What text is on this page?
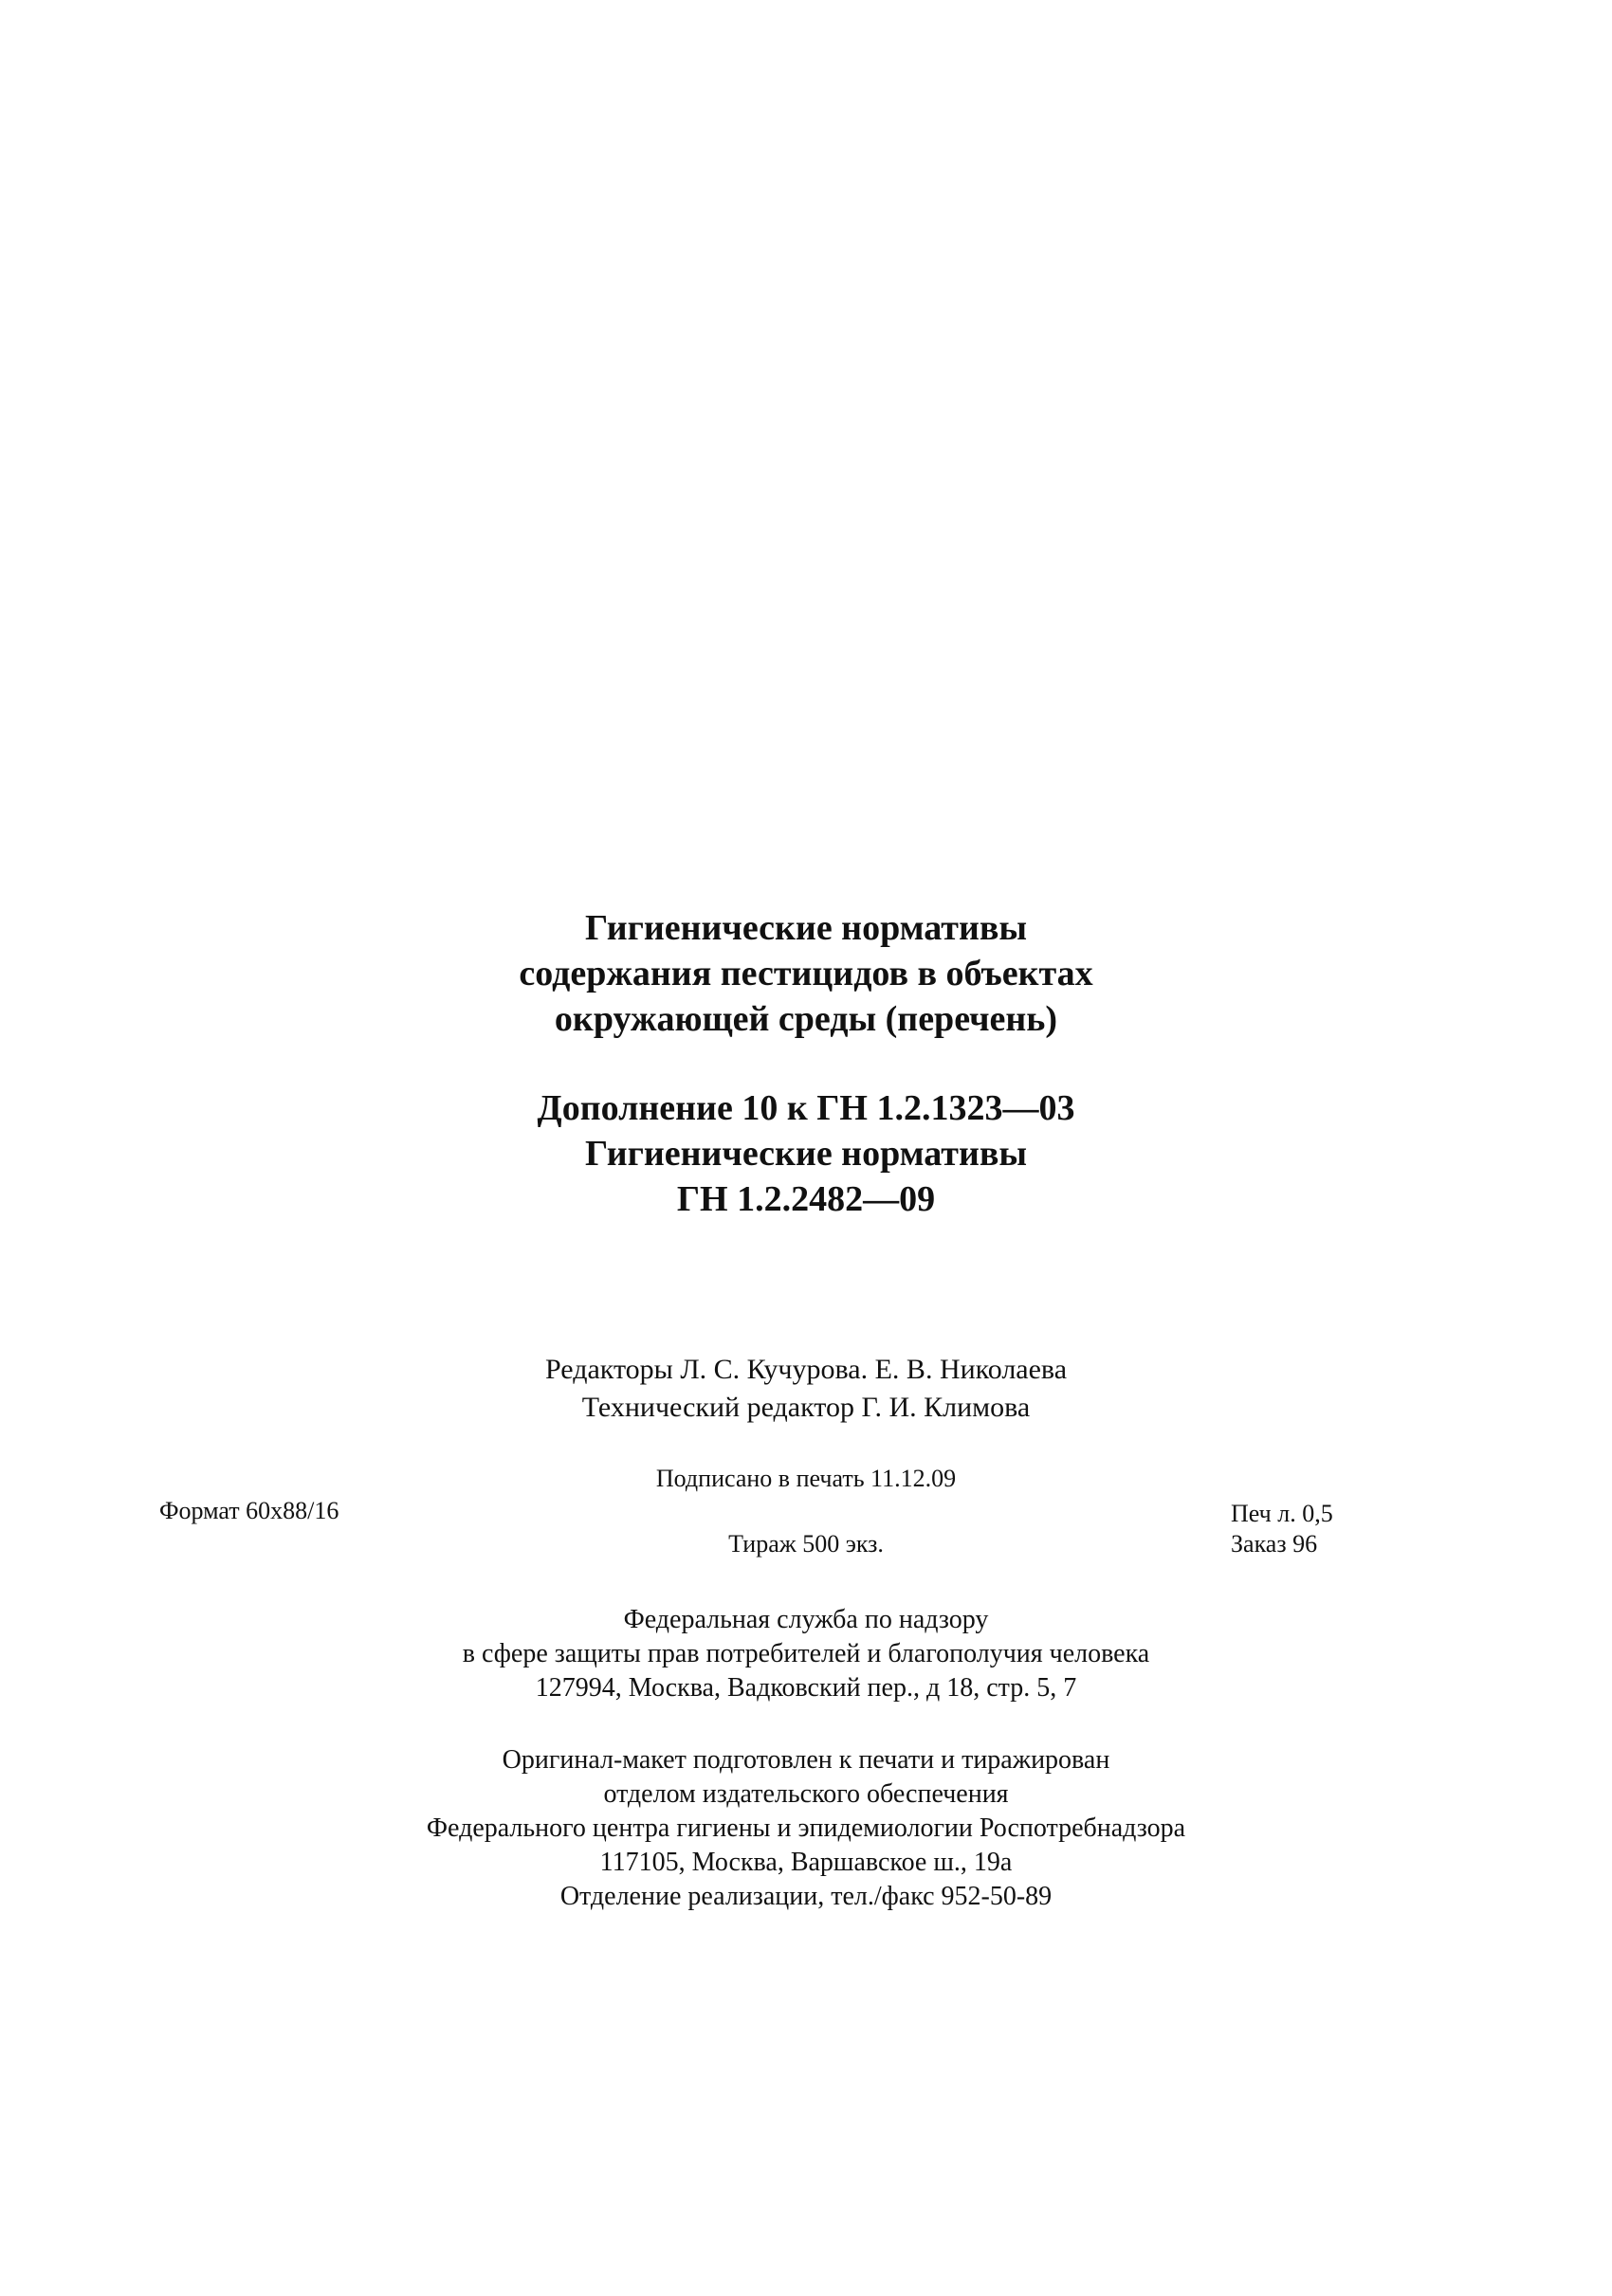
Гигиенические нормативы
содержания пестицидов в объектах
окружающей среды (перечень)
Дополнение 10 к ГН 1.2.1323—03
Гигиенические нормативы
ГН 1.2.2482—09
Редакторы Л. С. Кучурова. Е. В. Николаева
Технический редактор Г. И. Климова
Подписано в печать 11.12.09
Формат 60x88/16	Печ л. 0,5
Тираж 500 экз.	Заказ 96
Федеральная служба по надзору
в сфере защиты прав потребителей и благополучия человека
127994, Москва, Вадковский пер., д 18, стр. 5, 7
Оригинал-макет подготовлен к печати и тиражирован
отделом издательского обеспечения
Федерального центра гигиены и эпидемиологии Роспотребнадзора
117105, Москва, Варшавское ш., 19а
Отделение реализации, тел./факс 952-50-89
